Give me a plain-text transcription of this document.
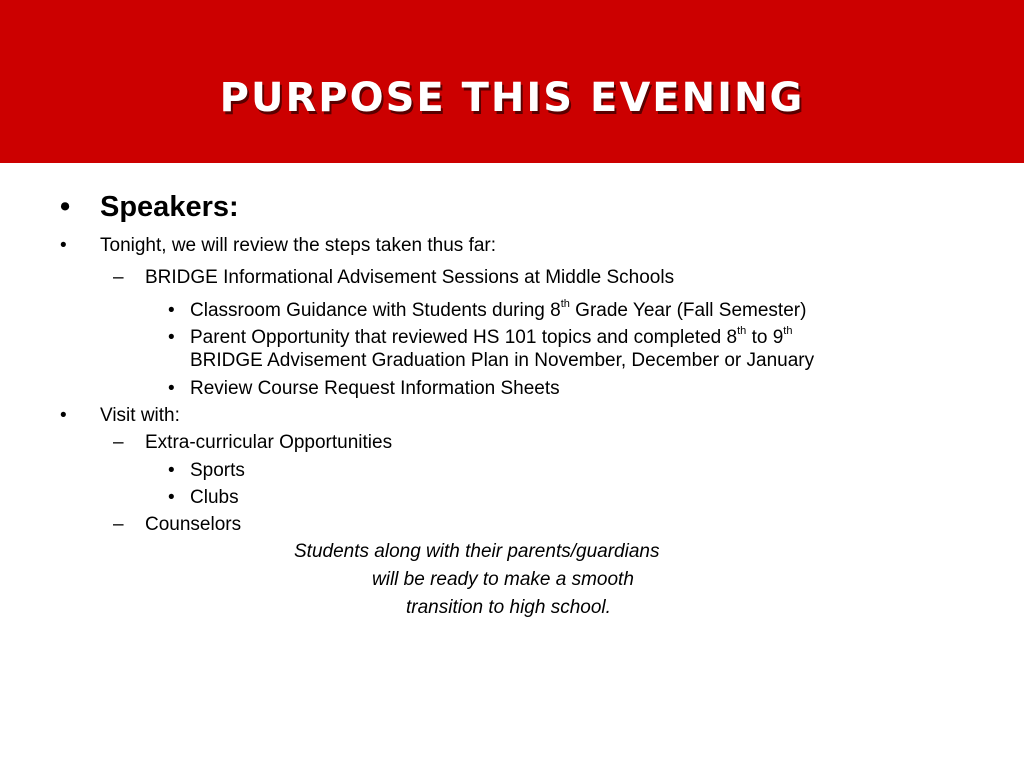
PURPOSE THIS EVENING
• Speakers:
• Tonight, we will review the steps taken thus far:
– BRIDGE Informational Advisement Sessions at Middle Schools
• Classroom Guidance with Students during 8th Grade Year (Fall Semester)
• Parent Opportunity that reviewed HS 101 topics and completed 8th to 9th
BRIDGE Advisement Graduation Plan in November, December or January
• Review Course Request Information Sheets
• Visit with:
– Extra-curricular Opportunities
• Sports
• Clubs
– Counselors
Students along with their parents/guardians
will be ready to make a smooth
transition to high school.
